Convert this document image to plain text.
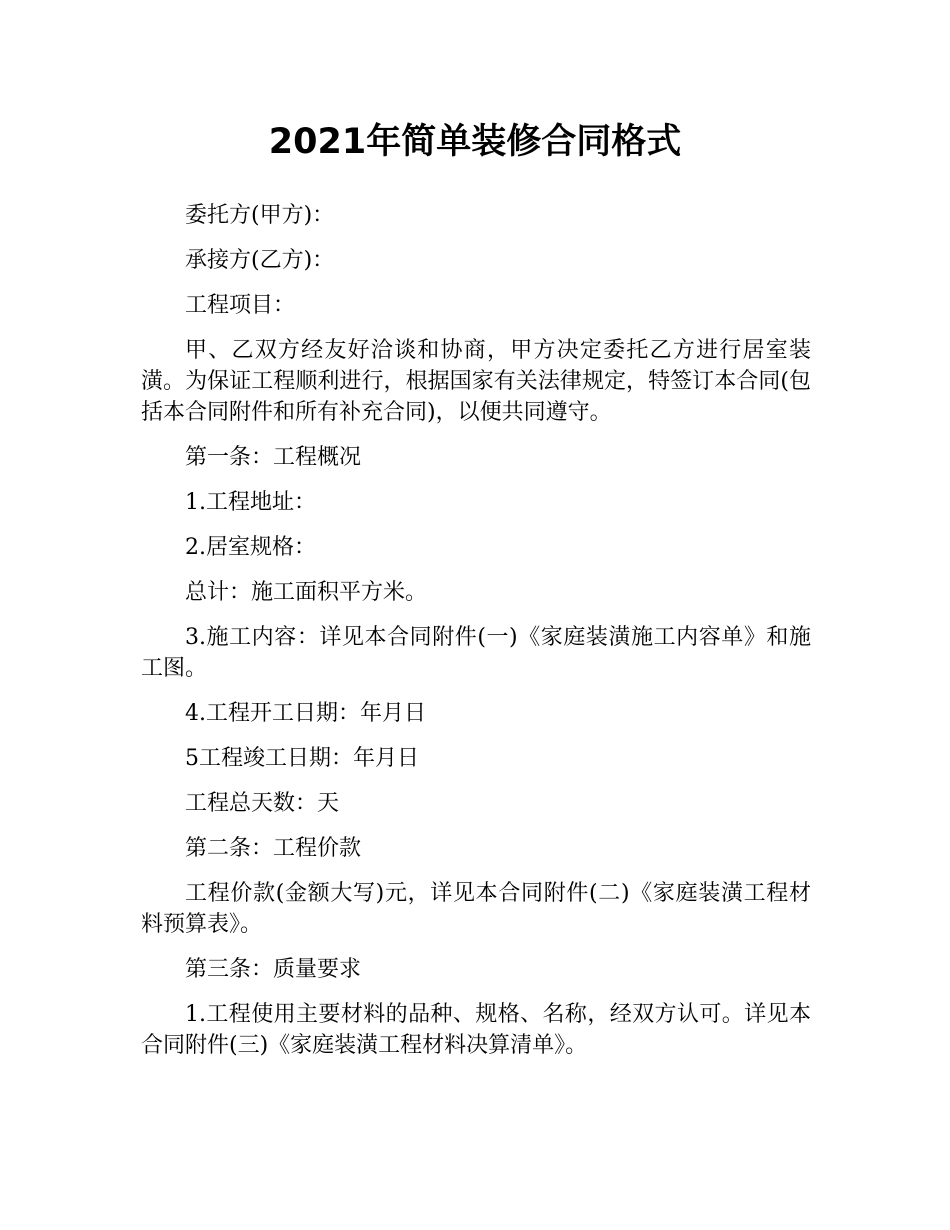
2021年简单装修合同格式

委托方(甲方)：

承接方(乙方)：

工程项目：

甲、乙双方经友好洽谈和协商，甲方决定委托乙方进行居室装潢。为保证工程顺利进行，根据国家有关法律规定，特签订本合同(包括本合同附件和所有补充合同)，以便共同遵守。

第一条：工程概况

1.工程地址：

2.居室规格：

总计：施工面积平方米。

3.施工内容：详见本合同附件(一)《家庭装潢施工内容单》和施工图。

4.工程开工日期：年月日

5工程竣工日期：年月日

工程总天数：天

第二条：工程价款

工程价款(金额大写)元，详见本合同附件(二)《家庭装潢工程材料预算表》。

第三条：质量要求

1.工程使用主要材料的品种、规格、名称，经双方认可。详见本合同附件(三)《家庭装潢工程材料决算清单》。
